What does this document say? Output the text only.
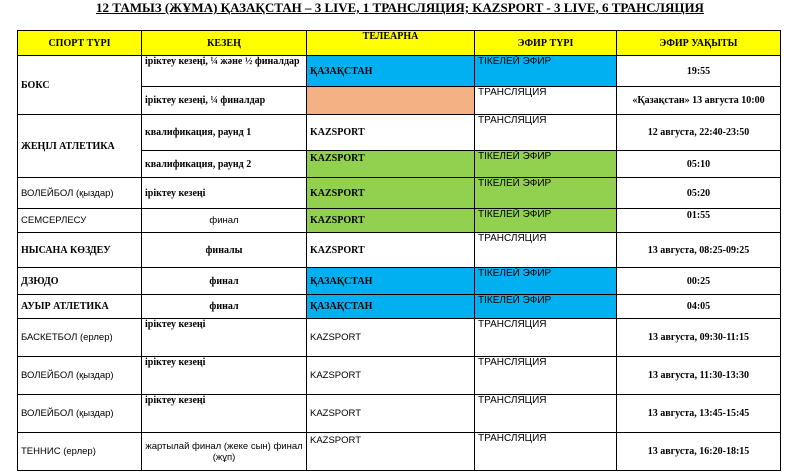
12 ТАМЫЗ (ЖҰМА) ҚАЗАҚСТАН – 3 LIVE, 1 ТРАНСЛЯЦИЯ; KAZSPORT - 3 LIVE, 6 ТРАНСЛЯЦИЯ
СПОРТ ТҮРІ	КЕЗЕҢ	ТЕЛЕАРНА	ЭФИР ТҮРІ	ЭФИР УАҚЫТЫ
БОКС	іріктеу кезеңі, ¼ және ½ финалдар	ҚАЗАҚСТАН	ТІКЕЛЕЙ ЭФИР	19:55
	іріктеу кезеңі, ¼ финалдар		ТРАНСЛЯЦИЯ	«Қазақстан» 13 августа 10:00
ЖЕҢІЛ АТЛЕТИКА	квалификация, раунд 1	KAZSPORT	ТРАНСЛЯЦИЯ	12 августа, 22:40-23:50
	квалификация, раунд 2	KAZSPORT	ТІКЕЛЕЙ ЭФИР	05:10
ВОЛЕЙБОЛ (қыздар)	іріктеу кезеңі	KAZSPORT	ТІКЕЛЕЙ ЭФИР	05:20
СЕМСЕРЛЕСУ	финал	KAZSPORT	ТІКЕЛЕЙ ЭФИР	01:55
НЫСАНА КӨЗДЕУ	финалы	KAZSPORT	ТРАНСЛЯЦИЯ	13 августа, 08:25-09:25
ДЗЮДО	финал	ҚАЗАҚСТАН	ТІКЕЛЕЙ ЭФИР	00:25
АУЫР АТЛЕТИКА	финал	ҚАЗАҚСТАН	ТІКЕЛЕЙ ЭФИР	04:05
БАСКЕТБОЛ (ерлер)	іріктеу кезеңі	KAZSPORT	ТРАНСЛЯЦИЯ	13 августа, 09:30-11:15
ВОЛЕЙБОЛ (қыздар)	іріктеу кезеңі	KAZSPORT	ТРАНСЛЯЦИЯ	13 августа, 11:30-13:30
ВОЛЕЙБОЛ (қыздар)	іріктеу кезеңі	KAZSPORT	ТРАНСЛЯЦИЯ	13 августа, 13:45-15:45
ТЕННИС (ерлер)	жартылай финал (жеке сын) финал (жұп)	KAZSPORT	ТРАНСЛЯЦИЯ	13 августа, 16:20-18:15
